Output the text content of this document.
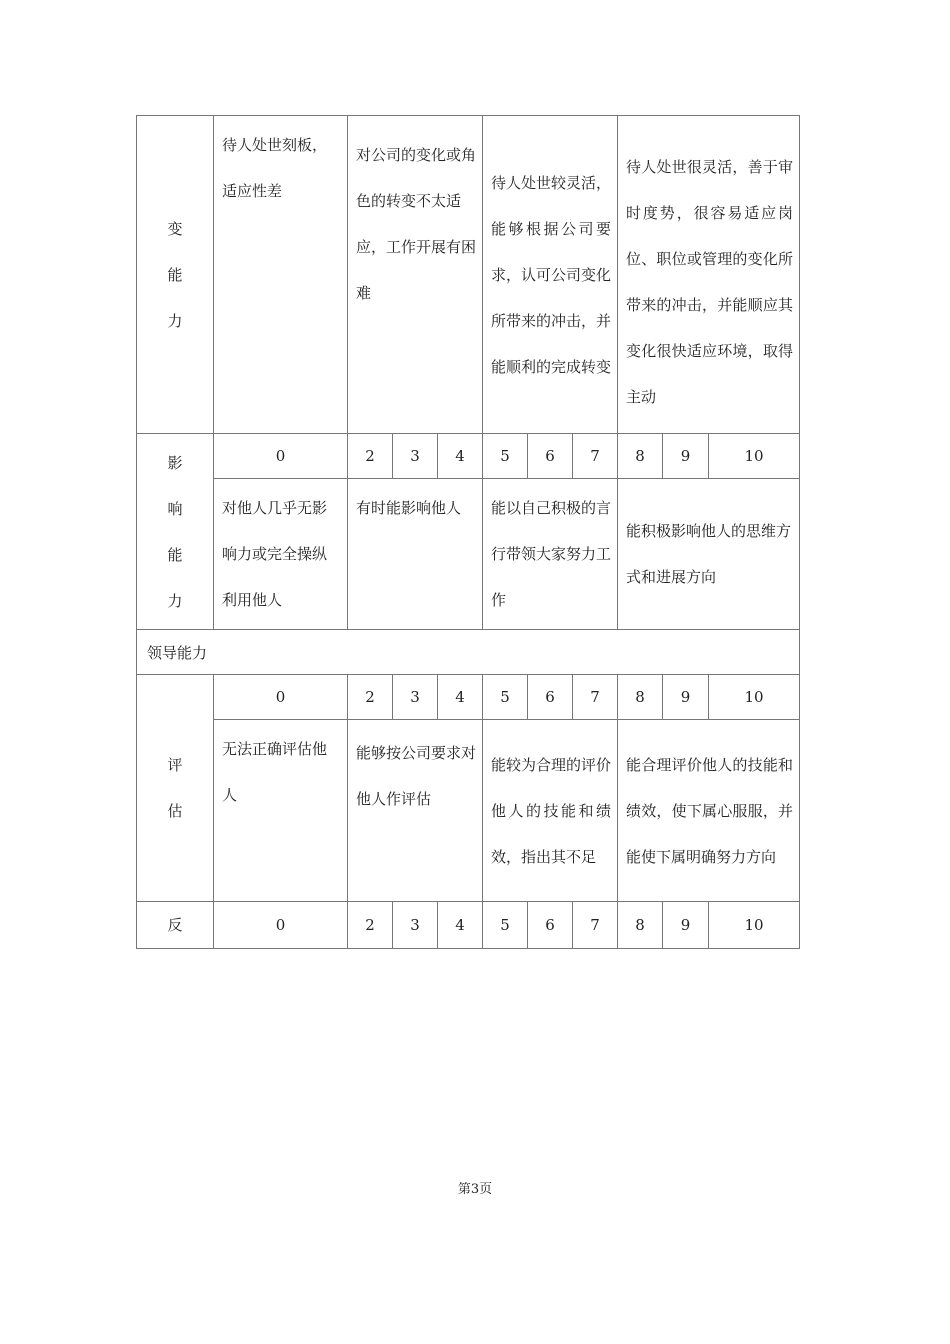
变
能
力	待人处世刻板，适应性差	对公司的变化或角色的转变不太适应，工作开展有困难			待人处世较灵活，能够根据公司要求，认可公司变化所带来的冲击，并能顺利的完成转变			待人处世很灵活，善于审时度势，很容易适应岗位、职位或管理的变化所带来的冲击，并能顺应其变化很快适应环境，取得主动		

影
响
能
力	0	2	3	4	5	6	7	8	9	10
	对他人几乎无影响力或完全操纵利用他人	有时能影响他人			能以自己积极的言行带领大家努力工作			能积极影响他人的思维方式和进展方向		
领导能力										

评
估	0	2	3	4	5	6	7	8	9	10
	无法正确评估他人	能够按公司要求对他人作评估			能较为合理的评价他人的技能和绩效，指出其不足			能合理评价他人的技能和绩效，使下属心服服，并能使下属明确努力方向		
反	0	2	3	4	5	6	7	8	9	10
第3页
